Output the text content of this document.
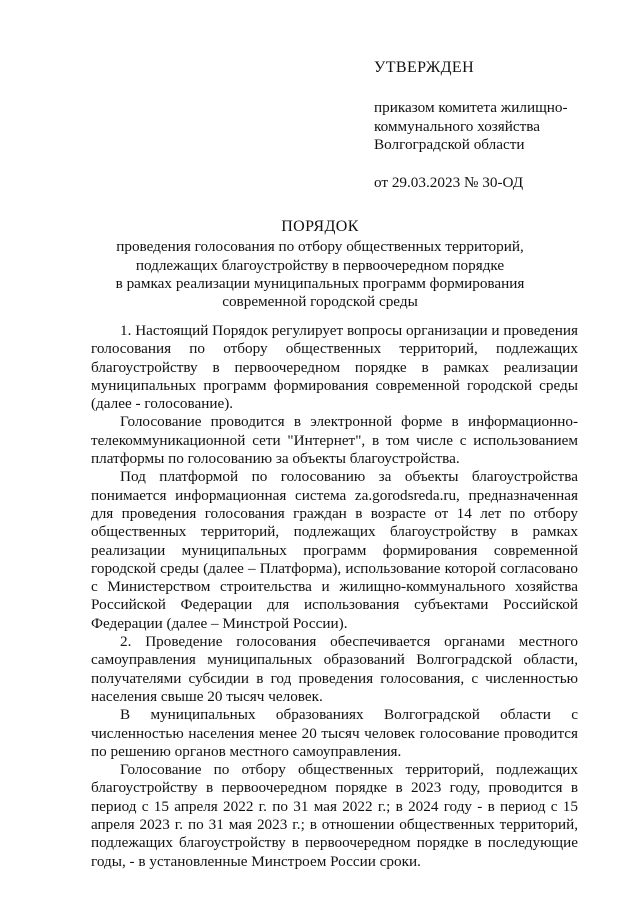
УТВЕРЖДЕН
приказом комитета жилищно-
коммунального хозяйства
Волгоградской области
от 29.03.2023 № 30-ОД
ПОРЯДОК
проведения голосования по отбору общественных территорий,
подлежащих благоустройству в первоочередном порядке
в рамках реализации муниципальных программ формирования
современной городской среды

1. Настоящий Порядок регулирует вопросы организации и проведения голосования по отбору общественных территорий, подлежащих благоустройству в первоочередном порядке в рамках реализации муниципальных программ формирования современной городской среды (далее - голосование).

Голосование проводится в электронной форме в информационно-телекоммуникационной сети "Интернет", в том числе с использованием платформы по голосованию за объекты благоустройства.

Под платформой по голосованию за объекты благоустройства понимается информационная система za.gorodsreda.ru, предназначенная для проведения голосования граждан в возрасте от 14 лет по отбору общественных территорий, подлежащих благоустройству в рамках реализации муниципальных программ формирования современной городской среды (далее – Платформа), использование которой согласовано с Министерством строительства и жилищно-коммунального хозяйства Российской Федерации для использования субъектами Российской Федерации (далее – Минстрой России).

2. Проведение голосования обеспечивается органами местного самоуправления муниципальных образований Волгоградской области, получателями субсидии в год проведения голосования, с численностью населения свыше 20 тысяч человек.

В муниципальных образованиях Волгоградской области с численностью населения менее 20 тысяч человек голосование проводится по решению органов местного самоуправления.

Голосование по отбору общественных территорий, подлежащих благоустройству в первоочередном порядке в 2023 году, проводится в период с 15 апреля 2022 г. по 31 мая 2022 г.; в 2024 году - в период с 15 апреля 2023 г. по 31 мая 2023 г.; в отношении общественных территорий, подлежащих благоустройству в первоочередном порядке в последующие годы, - в установленные Минстроем России сроки.
